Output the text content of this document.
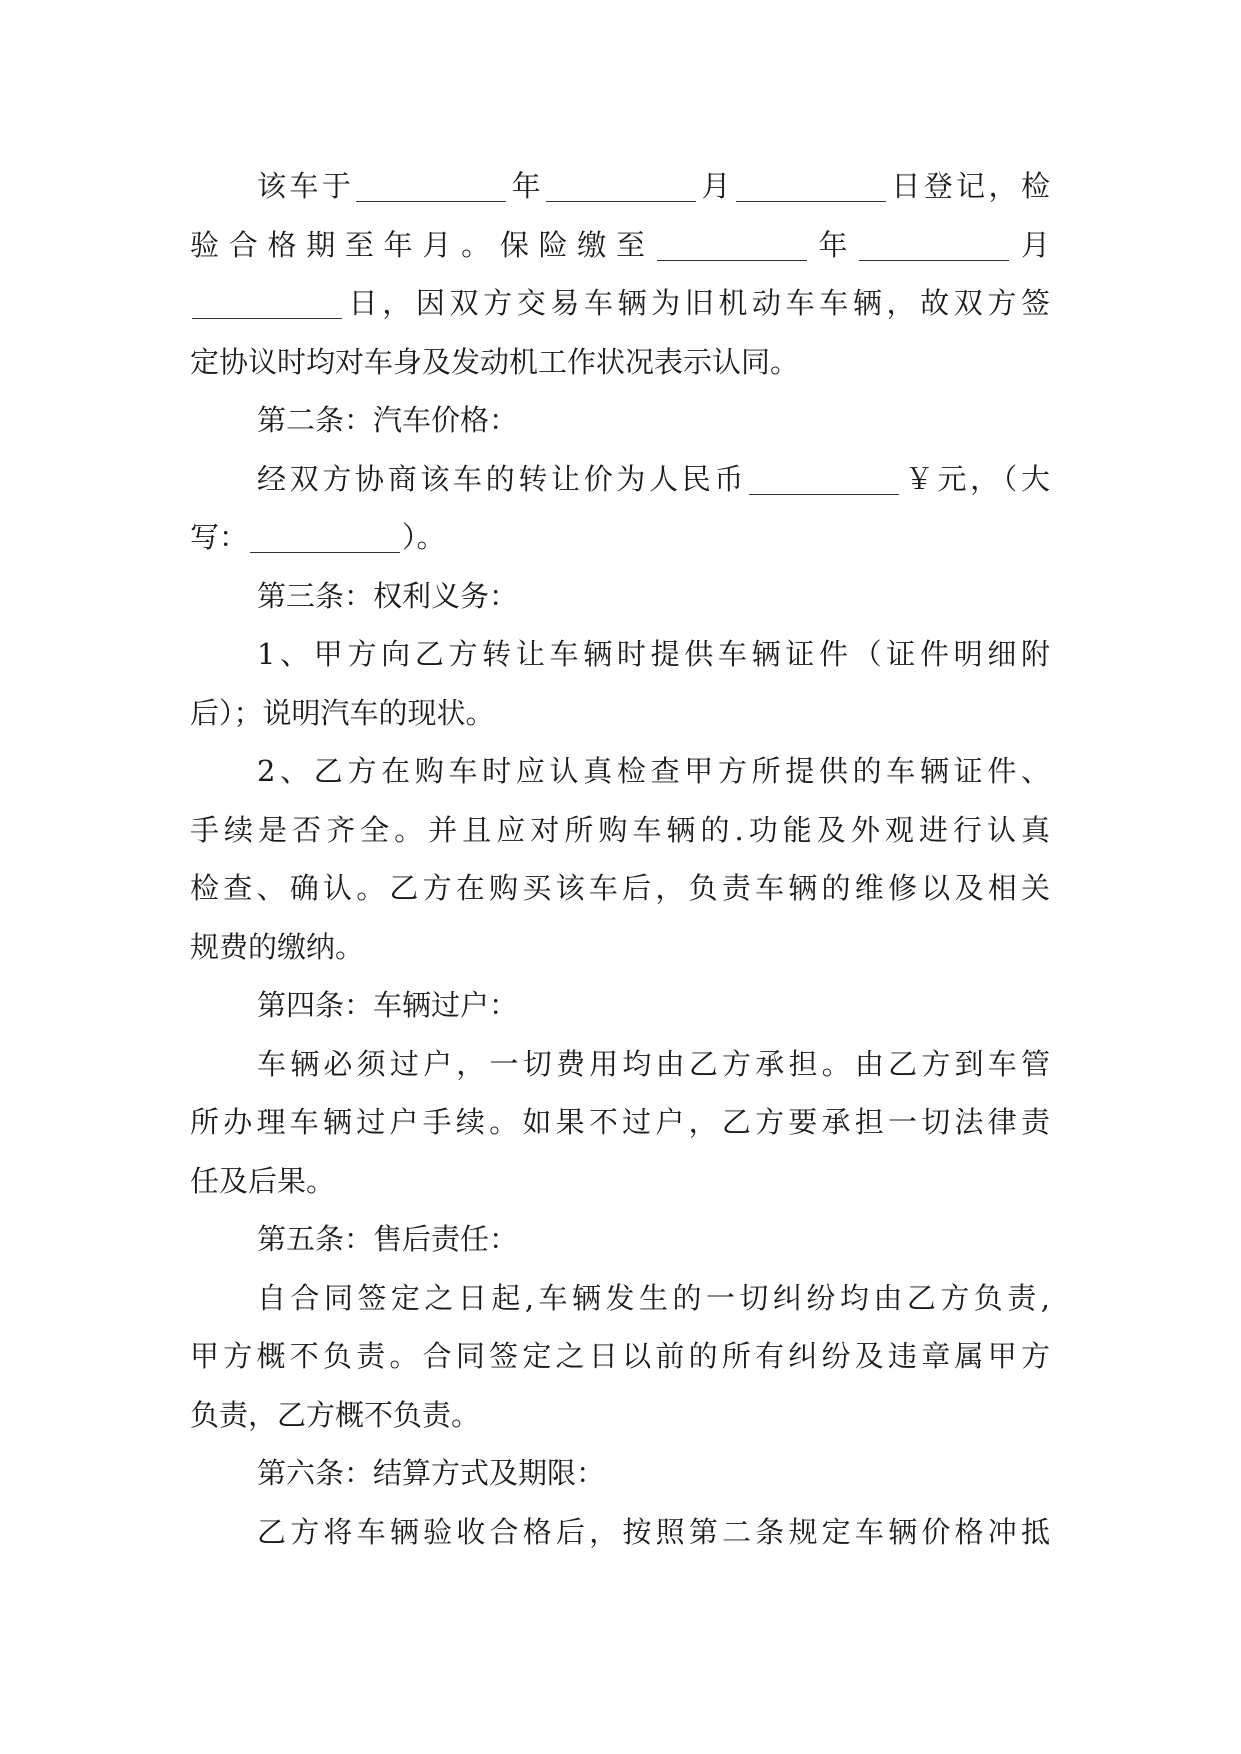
该车于	年	月	日登记，检
验合格期至年月。保险缴至	年	月
日，因双方交易车辆为旧机动车车辆，故双方签
定协议时均对车身及发动机工作状况表示认同。
第二条：汽车价格：
经双方协商该车的转让价为人民币	￥元，（大
写：	）。
第三条：权利义务：
1、甲方向乙方转让车辆时提供车辆证件（证件明细附
后）；说明汽车的现状。
2、乙方在购车时应认真检查甲方所提供的车辆证件、
手续是否齐全。并且应对所购车辆的.功能及外观进行认真
检查、确认。乙方在购买该车后，负责车辆的维修以及相关
规费的缴纳。
第四条：车辆过户：
车辆必须过户，一切费用均由乙方承担。由乙方到车管
所办理车辆过户手续。如果不过户，乙方要承担一切法律责
任及后果。
第五条：售后责任：
自合同签定之日起,车辆发生的一切纠纷均由乙方负责,
甲方概不负责。合同签定之日以前的所有纠纷及违章属甲方
负责，乙方概不负责。
第六条：结算方式及期限：
乙方将车辆验收合格后，按照第二条规定车辆价格冲抵
